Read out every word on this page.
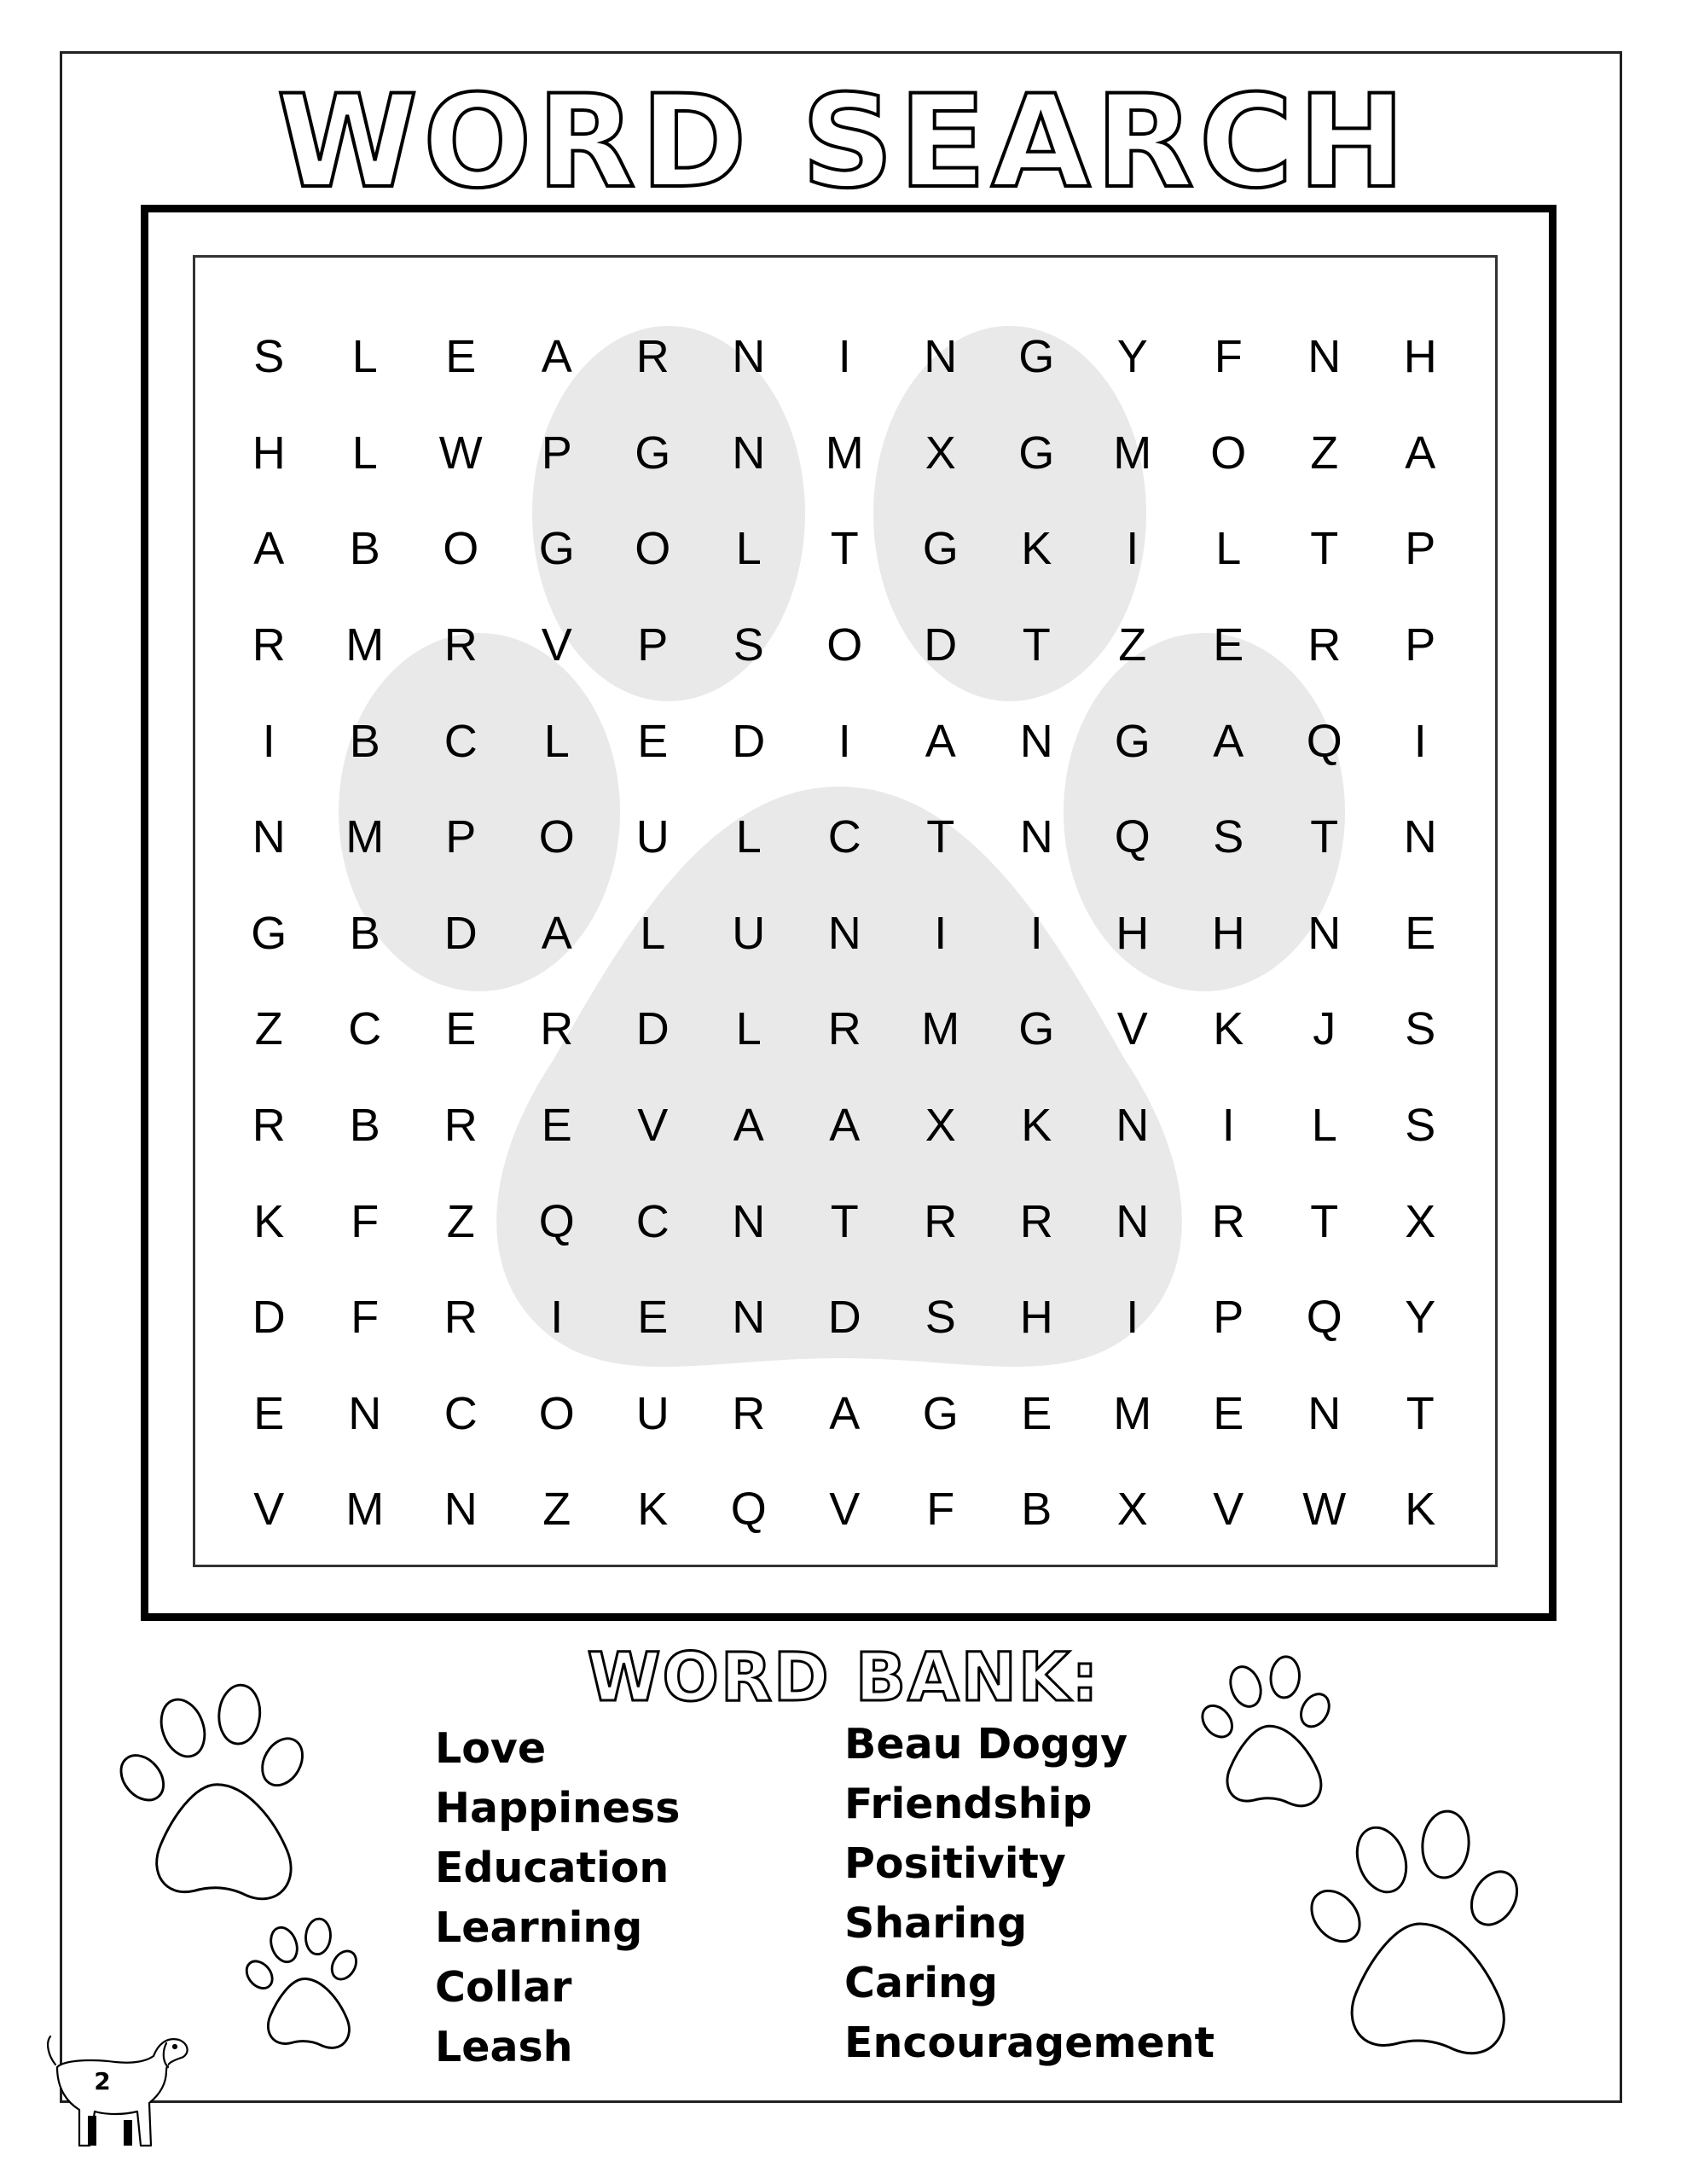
WORD SEARCH
S	L	E	A	R	N	I	N	G	Y	F	N	H
H	L	W	P	G	N	M	X	G	M	O	Z	A
A	B	O	G	O	L	T	G	K	I	L	T	P
R	M	R	V	P	S	O	D	T	Z	E	R	P
I	B	C	L	E	D	I	A	N	G	A	Q	I
N	M	P	O	U	L	C	T	N	Q	S	T	N
G	B	D	A	L	U	N	I	I	H	H	N	E
Z	C	E	R	D	L	R	M	G	V	K	J	S
R	B	R	E	V	A	A	X	K	N	I	L	S
K	F	Z	Q	C	N	T	R	R	N	R	T	X
D	F	R	I	E	N	D	S	H	I	P	Q	Y
E	N	C	O	U	R	A	G	E	M	E	N	T
V	M	N	Z	K	Q	V	F	B	X	V	W	K
WORD BANK:
Love
Happiness
Education
Learning
Collar
Leash
Beau Doggy
Friendship
Positivity
Sharing
Caring
Encouragement
2
